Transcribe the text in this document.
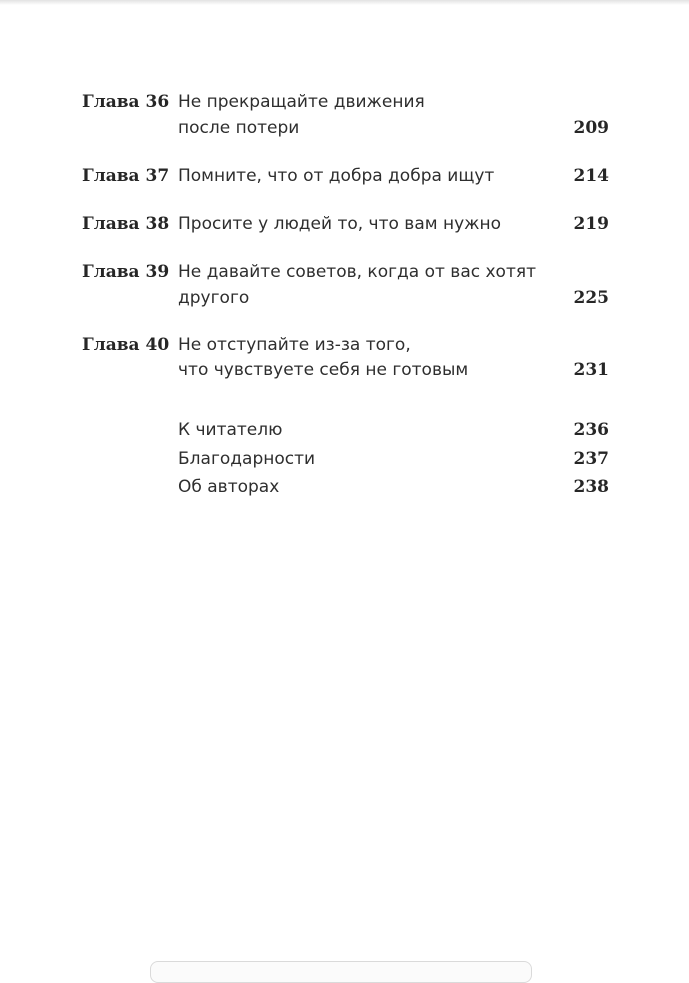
Глава 36 Не прекращайте движения
после потери	209
Глава 37 Помните, что от добра добра ищут	214
Глава 38 Просите у людей то, что вам нужно	219
Глава 39 Не давайте советов, когда от вас хотят
другого	225
Глава 40 Не отступайте из-за того,
что чувствуете себя не готовым	231
К читателю	236
Благодарности	237
Об авторах	238
